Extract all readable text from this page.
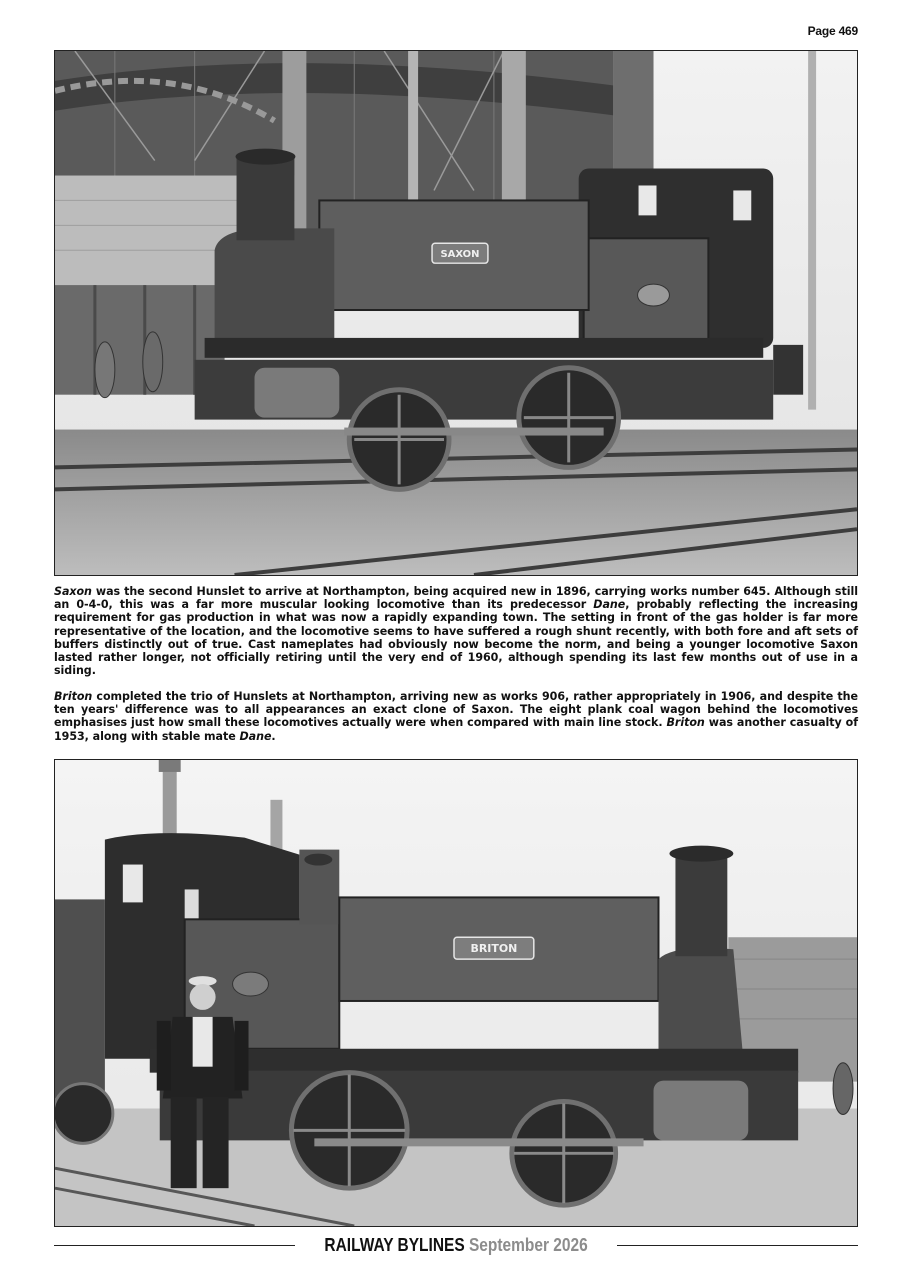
Page 469
SAXON

Saxon was the second Hunslet to arrive at Northampton, being acquired new in 1896, carrying works number 645. Although still an 0-4-0, this was a far more muscular looking locomotive than its predecessor Dane, probably reflecting the increasing requirement for gas production in what was now a rapidly expanding town. The setting in front of the gas holder is far more representative of the location, and the locomotive seems to have suffered a rough shunt recently, with both fore and aft sets of buffers distinctly out of true. Cast nameplates had obviously now become the norm, and being a younger locomotive Saxon lasted rather longer, not officially retiring until the very end of 1960, although spending its last few months out of use in a siding.

Briton completed the trio of Hunslets at Northampton, arriving new as works 906, rather appropriately in 1906, and despite the ten years' difference was to all appearances an exact clone of Saxon. The eight plank coal wagon behind the locomotives emphasises just how small these locomotives actually were when compared with main line stock. Briton was another casualty of 1953, along with stable mate Dane.

BRITON
RAILWAY BYLINES September 2026
